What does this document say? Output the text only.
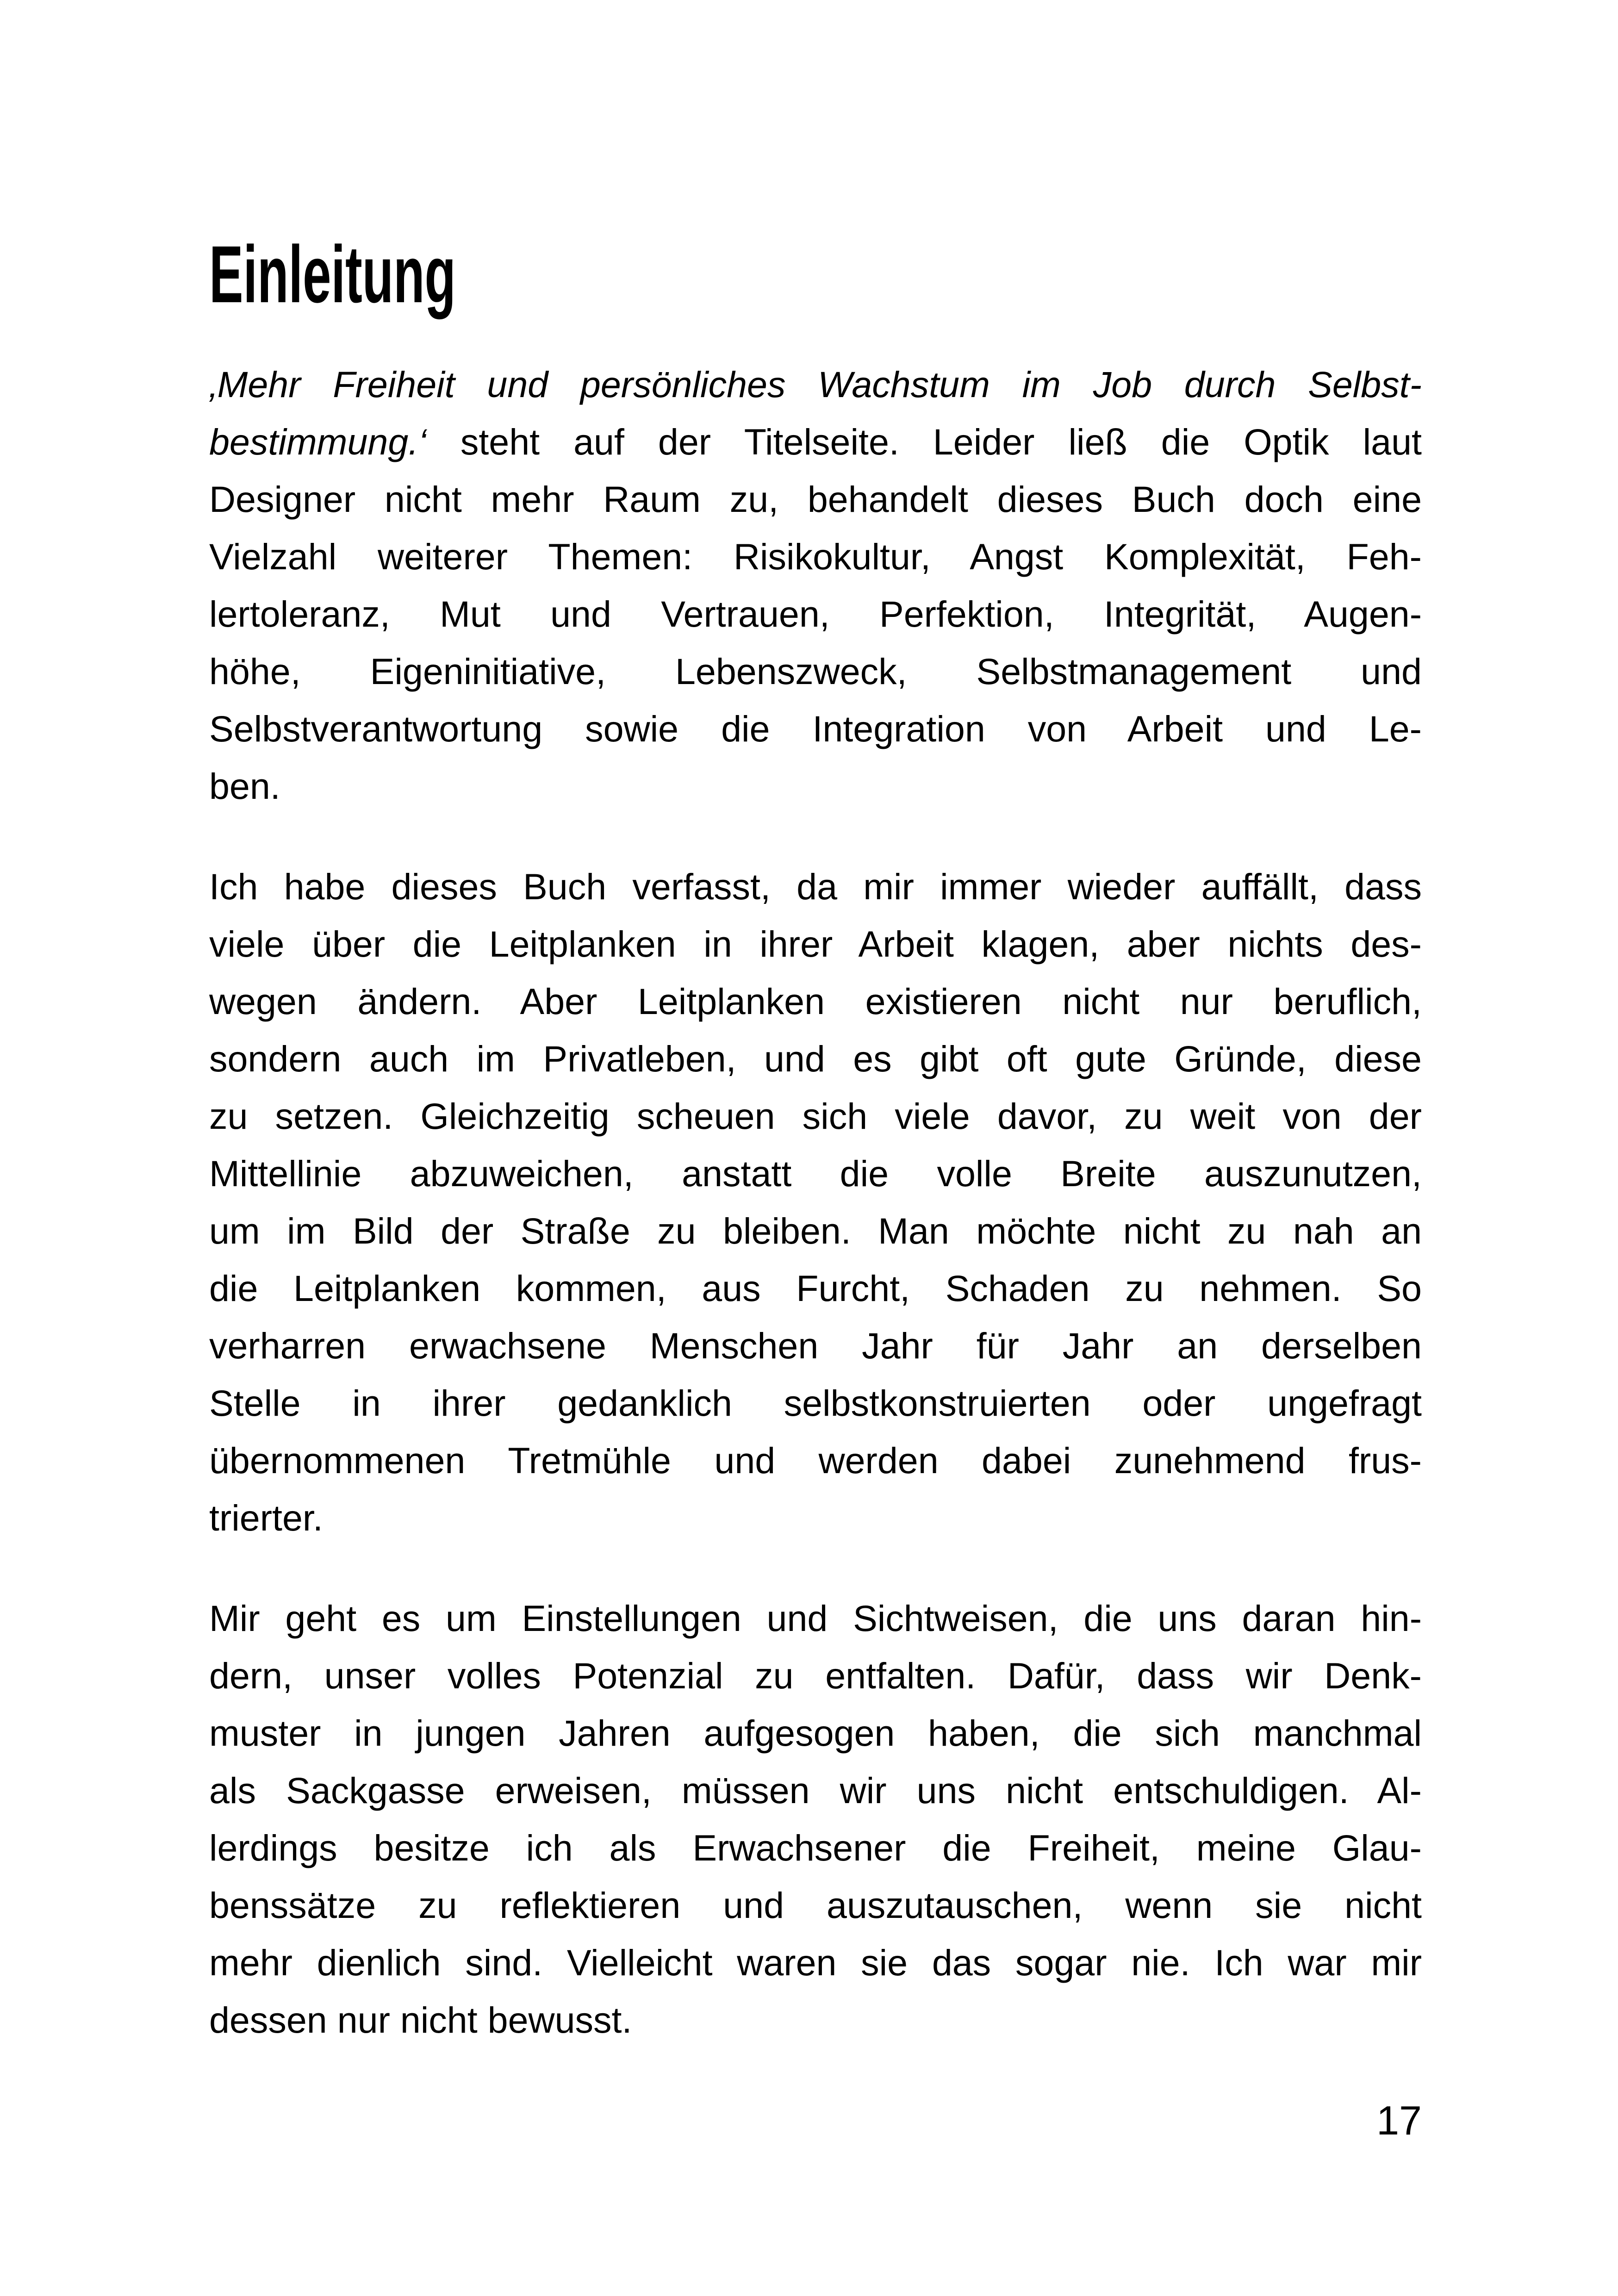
Einleitung
‚Mehr Freiheit und persönliches Wachstum im Job durch Selbst-
bestimmung.‘ steht auf der Titelseite. Leider ließ die Optik laut
Designer nicht mehr Raum zu, behandelt dieses Buch doch eine
Vielzahl weiterer Themen: Risikokultur, Angst Komplexität, Feh-
lertoleranz, Mut und Vertrauen, Perfektion, Integrität, Augen-
höhe, Eigeninitiative, Lebenszweck, Selbstmanagement und
Selbstverantwortung sowie die Integration von Arbeit und Le-
ben.
Ich habe dieses Buch verfasst, da mir immer wieder auffällt, dass
viele über die Leitplanken in ihrer Arbeit klagen, aber nichts des-
wegen ändern. Aber Leitplanken existieren nicht nur beruflich,
sondern auch im Privatleben, und es gibt oft gute Gründe, diese
zu setzen. Gleichzeitig scheuen sich viele davor, zu weit von der
Mittellinie abzuweichen, anstatt die volle Breite auszunutzen,
um im Bild der Straße zu bleiben. Man möchte nicht zu nah an
die Leitplanken kommen, aus Furcht, Schaden zu nehmen. So
verharren erwachsene Menschen Jahr für Jahr an derselben
Stelle in ihrer gedanklich selbstkonstruierten oder ungefragt
übernommenen Tretmühle und werden dabei zunehmend frus-
trierter.
Mir geht es um Einstellungen und Sichtweisen, die uns daran hin-
dern, unser volles Potenzial zu entfalten. Dafür, dass wir Denk-
muster in jungen Jahren aufgesogen haben, die sich manchmal
als Sackgasse erweisen, müssen wir uns nicht entschuldigen. Al-
lerdings besitze ich als Erwachsener die Freiheit, meine Glau-
benssätze zu reflektieren und auszutauschen, wenn sie nicht
mehr dienlich sind. Vielleicht waren sie das sogar nie. Ich war mir
dessen nur nicht bewusst.
17
